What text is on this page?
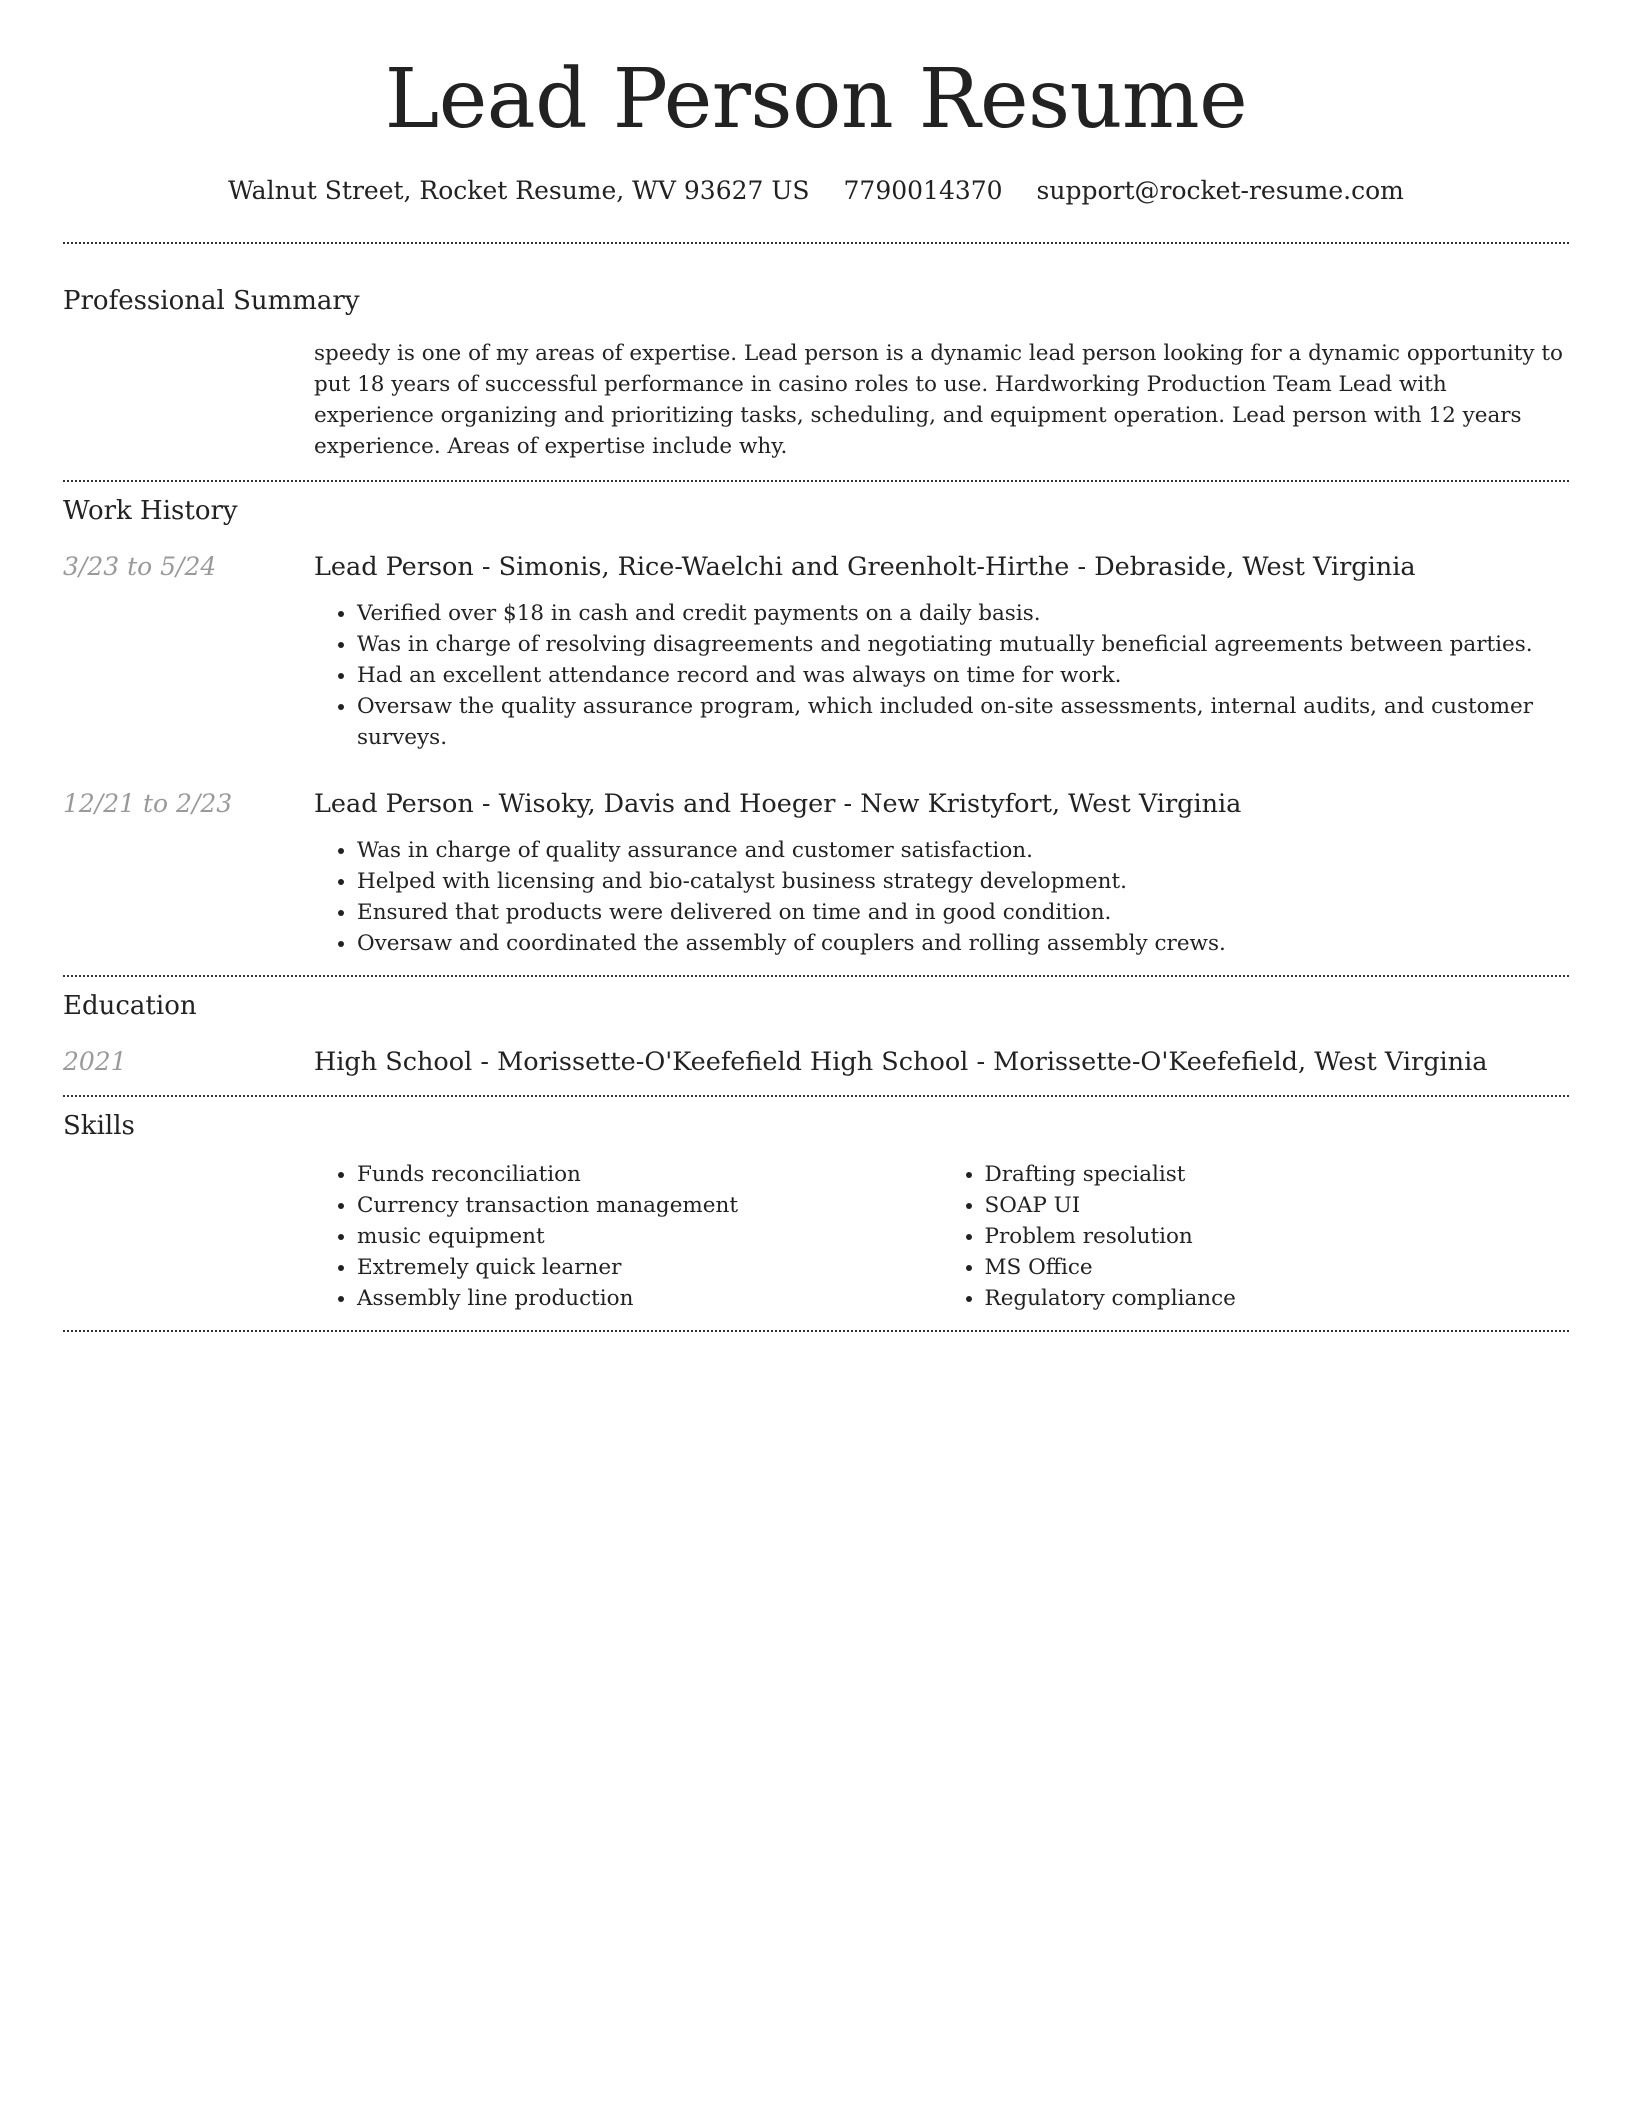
Lead Person Resume
Walnut Street, Rocket Resume, WV 93627 US 7790014370 support@rocket-resume.com
Professional Summary

speedy is one of my areas of expertise. Lead person is a dynamic lead person looking for a dynamic opportunity to put 18 years of successful performance in casino roles to use. Hardworking Production Team Lead with experience organizing and prioritizing tasks, scheduling, and equipment operation. Lead person with 12 years experience. Areas of expertise include why.

Work History
3/23 to 5/24	Lead Person - Simonis, Rice-Waelchi and Greenholt-Hirthe - Debraside, West Virginia
• Verified over $18 in cash and credit payments on a daily basis.
• Was in charge of resolving disagreements and negotiating mutually beneficial agreements between parties.
• Had an excellent attendance record and was always on time for work.
• Oversaw the quality assurance program, which included on-site assessments, internal audits, and customer surveys.
12/21 to 2/23	Lead Person - Wisoky, Davis and Hoeger - New Kristyfort, West Virginia
• Was in charge of quality assurance and customer satisfaction.
• Helped with licensing and bio-catalyst business strategy development.
• Ensured that products were delivered on time and in good condition.
• Oversaw and coordinated the assembly of couplers and rolling assembly crews.
Education
2021	High School - Morissette-O'Keefefield High School - Morissette-O'Keefefield, West Virginia
Skills
• Funds reconciliation
• Currency transaction management
• music equipment
• Extremely quick learner
• Assembly line production
• Drafting specialist
• SOAP UI
• Problem resolution
• MS Office
• Regulatory compliance
